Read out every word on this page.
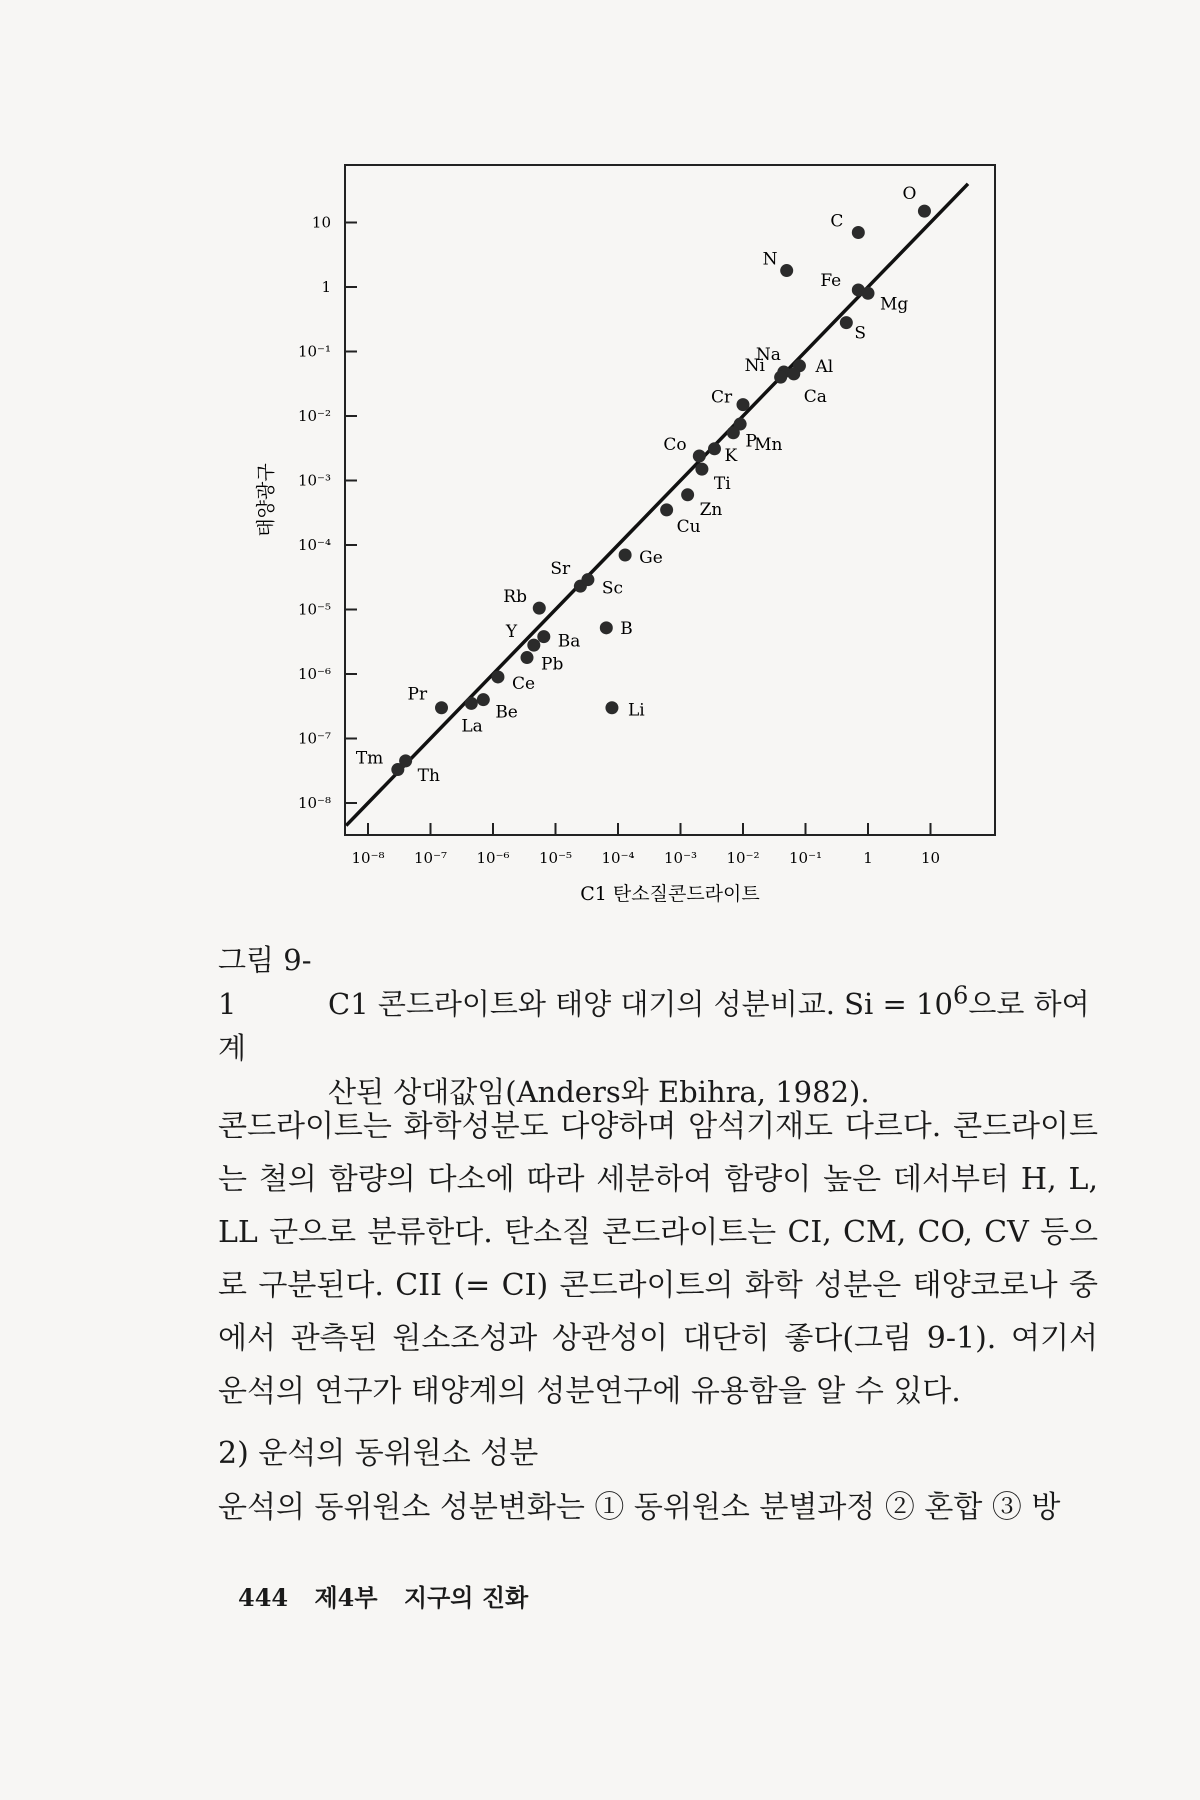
10⁻⁸ 10⁻⁷ 10⁻⁶ 10⁻⁵ 10⁻⁴ 10⁻³ 10⁻² 10⁻¹	1	10
10
1
10⁻¹
10⁻²
10⁻³
10⁻⁴
10⁻⁵
10⁻⁶
10⁻⁷
10⁻⁸
C1 탄소질콘드라이트
태양광구
O
C
N
Fe
Mg
S
Na
Al
Ni
Ca
Cr
Mn
P
Co
K
Ti
Zn
Cu
Ge
Sr
Sc
Rb
B
Y Ba
Pb
Ce
Pr
La
Be	Li
Tm
Th
그림 9-1	C1 콘드라이트와 태양 대기의 성분비교. $Si = 10^6$으로 하여 계
산된 상대값임(Anders와 Ebihra, 1982).
콘드라이트는 화학성분도 다양하며 암석기재도 다르다. 콘드라이트는 철의 함량의 다소에 따라 세분하여 함량이 높은 데서부터 H, L, LL 군으로 분류한다. 탄소질 콘드라이트는 CI, CM, CO, CV 등으로 구분된다. CII (= CI) 콘드라이트의 화학 성분은 태양코로나 중에서 관측된 원소조성과 상관성이 대단히 좋다(그림 9-1). 여기서 운석의 연구가 태양계의 성분연구에 유용함을 알 수 있다.
2) 운석의 동위원소 성분
운석의 동위원소 성분변화는 ① 동위원소 분별과정 ② 혼합 ③ 방
444 제4부 지구의 진화
